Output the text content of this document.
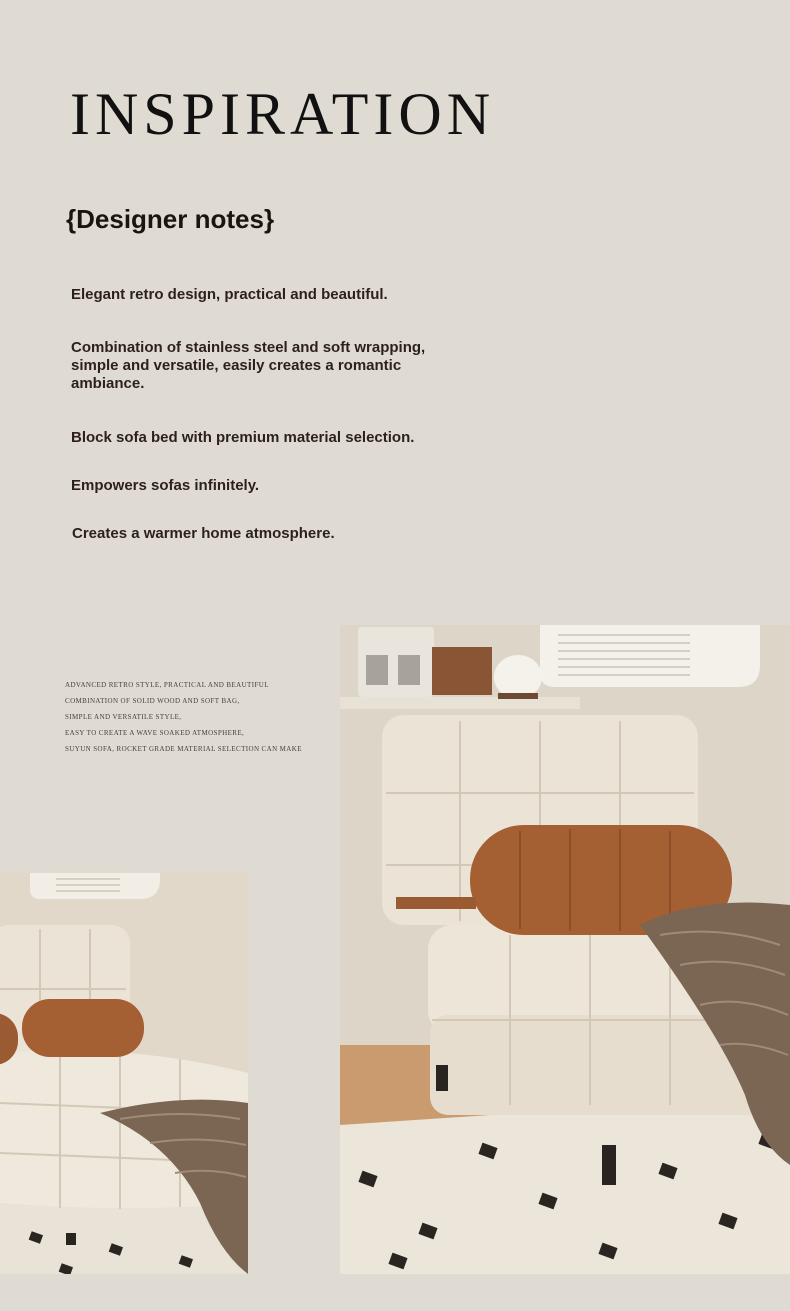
INSPIRATION
{Designer notes}

Elegant retro design, practical and beautiful.

Combination of stainless steel and soft wrapping, simple and versatile, easily creates a romantic ambiance.

Block sofa bed with premium material selection.

Empowers sofas infinitely.

Creates a warmer home atmosphere.

ADVANCED RETRO STYLE, PRACTICAL AND BEAUTIFUL
COMBINATION OF SOLID WOOD AND SOFT BAG,
SIMPLE AND VERSATILE STYLE,
EASY TO CREATE A WAVE SOAKED ATMOSPHERE,
SUYUN SOFA, ROCKET GRADE MATERIAL SELECTION CAN MAKE
